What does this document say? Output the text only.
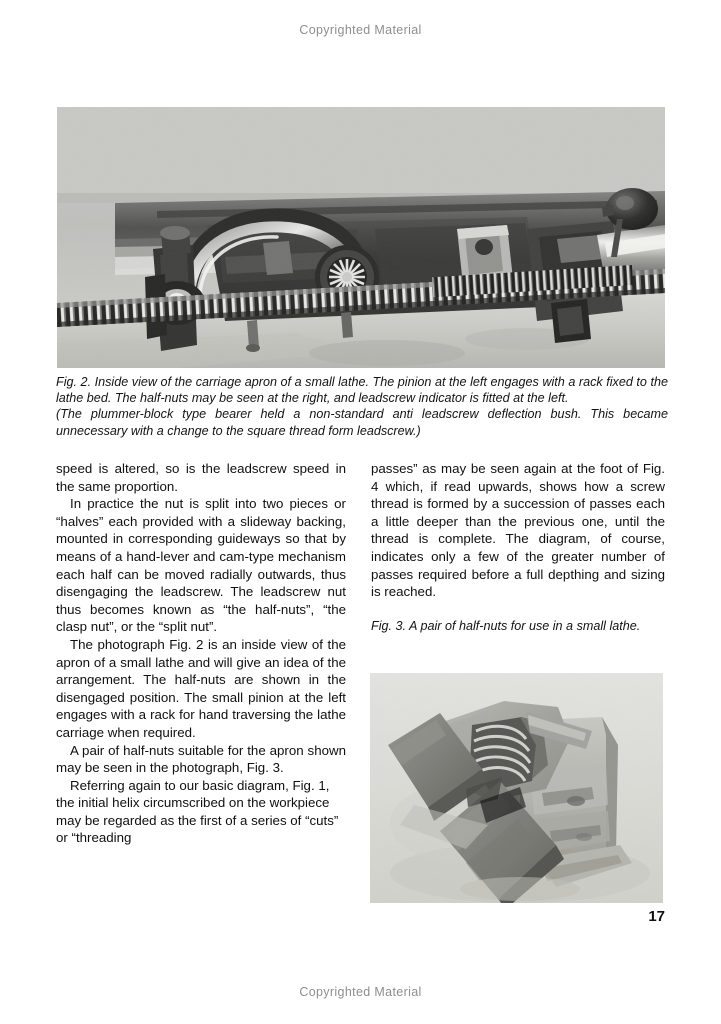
Copyrighted Material
Fig. 2. Inside view of the carriage apron of a small lathe. The pinion at the left engages with a rack fixed to the lathe bed. The half-nuts may be seen at the right, and leadscrew indicator is fitted at the left.
(The plummer-block type bearer held a non-standard anti leadscrew deflection bush. This became unnecessary with a change to the square thread form leadscrew.)

speed is altered, so is the leadscrew speed in the same proportion.

In practice the nut is split into two pieces or “halves” each provided with a slideway backing, mounted in corresponding guideways so that by means of a hand-lever and cam-type mechanism each half can be moved radially outwards, thus disengaging the leadscrew. The leadscrew nut thus becomes known as “the half-nuts”, “the clasp nut”, or the “split nut”.

The photograph Fig. 2 is an inside view of the apron of a small lathe and will give an idea of the arrangement. The half-nuts are shown in the disengaged position. The small pinion at the left engages with a rack for hand traversing the lathe carriage when required.

A pair of half-nuts suitable for the apron shown may be seen in the photograph, Fig. 3.

Referring again to our basic diagram, Fig. 1, the initial helix circumscribed on the workpiece may be regarded as the first of a series of “cuts” or “threading

passes” as may be seen again at the foot of Fig. 4 which, if read upwards, shows how a screw thread is formed by a succession of passes each a little deeper than the previous one, until the thread is complete. The diagram, of course, indicates only a few of the greater number of passes required before a full depthing and sizing is reached.

Fig. 3. A pair of half-nuts for use in a small lathe.
17
Copyrighted Material
